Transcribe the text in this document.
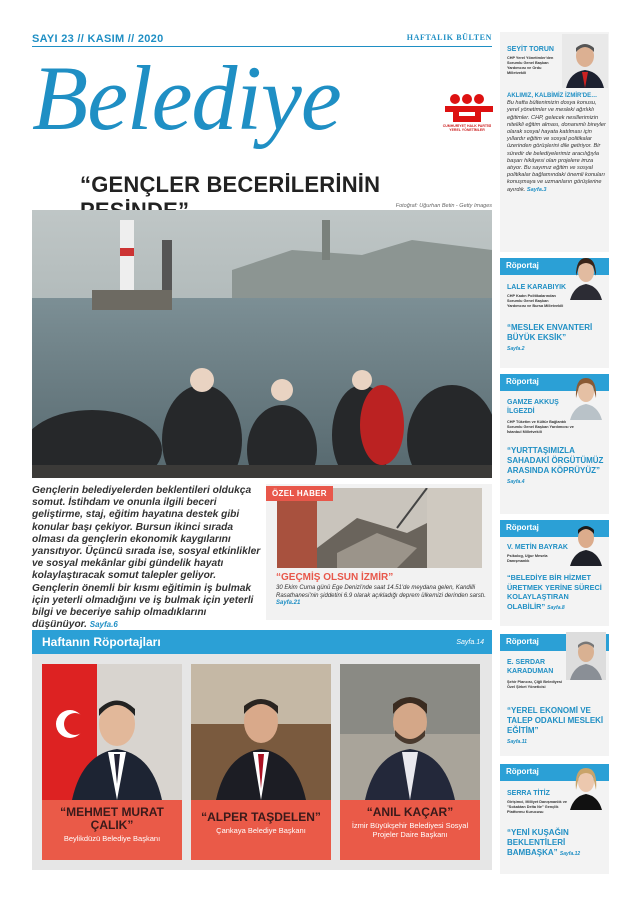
SAYI 23 // KASIM // 2020	HAFTALIK BÜLTEN
Belediye	CUMHURİYET HALK PARTİSİ YEREL YÖNETİMLER
“GENÇLER BECERİLERİNİN
Fotoğraf: Uğurhan Betin - Getty Images
Gençlerin belediyelerden beklentileri oldukça somut. İstihdam ve onunla ilgili beceri geliştirme, staj, eğitim hayatına destek gibi konular başı çekiyor. Bursun ikinci sırada olması da gençlerin ekonomik kaygılarını yansıtıyor. Üçüncü sırada ise, sosyal etkinlikler ve sosyal mekânlar gibi gündelik hayatı kolaylaştıracak somut talepler geliyor. Gençlerin önemli bir kısmı eğitimin iş bulmak için yeterli olmadığını ve iş bulmak için yeterli bilgi ve beceriye sahip olmadıklarını düşünüyor. Sayfa.6
ÖZEL HABER
“GEÇMİŞ OLSUN İZMİR”
30 Ekim Cuma günü Ege Denizi'nde saat 14.51'de meydana gelen, Kandilli Rasathanesi'nin şiddetini 6.9 olarak açıkladığı deprem ülkemizi derinden sarstı. Sayfa.21
Haftanın Röportajları	Sayfa.14
“MEHMET MURAT ÇALIK”
Beylikdüzü Belediye Başkanı
“ALPER TAŞDELEN”
Çankaya Belediye Başkanı
“ANIL KAÇAR”
İzmir Büyükşehir Belediyesi Sosyal Projeler Daire Başkanı
SEYİT TORUN
CHP Yerel Yönetimler'den Sorumlu Genel Başkan Yardımcısı ve Ordu Milletvekili
AKLIMIZ, KALBİMİZ İZMİR'DE…
Bu hafta bültenimizin dosya konusu, yerel yönetimler ve mesleki ağırlıklı eğitimler. CHP, gelecek nesillerimizin nitelikli eğitim alması, donanımlı bireyler olarak sosyal hayata katılması için yıllardır eğitim ve sosyal politikalar üzerinden görüşlerini dile getiriyor. Bir süredir de belediyelerimiz aracılığıyla başarı hikâyesi olan projelere imza atıyor. Bu sayımız eğitim ve sosyal politikalar bağlamındaki önemli konuları konuşmaya ve uzmanların görüşlerine ayırdık. Sayfa.3
Röportaj
LALE KARABIYIK
CHP Kadın Politikalarından Sorumlu Genel Başkan Yardımcısı ve Bursa Milletvekili
“MESLEK ENVANTERİ BÜYÜK EKSİK”
Sayfa.2
Röportaj
GAMZE AKKUŞ İLGEZDİ
CHP Tüketim ve Kültür Bağlantılı Sorumlu Genel Başkan Yardımcısı ve İstanbul Milletvekili
“YURTTAŞIMIZLA SAHADAKİ ÖRGÜTÜMÜZ ARASINDA KÖPRÜYÜZ” Sayfa.4
Röportaj
V. METİN BAYRAK
Psikolog, Uğur Mesela Danışmanlık
“BELEDİYE BİR HİZMET ÜRETMEK YERİNE SÜRECİ KOLAYLAŞTIRAN OLABİLİR” Sayfa.8
Röportaj
E. SERDAR KARADUMAN
Şehir Plancısı, Çiğli Belediyesi Özel Şirket Yöneticisi
“YEREL EKONOMİ VE TALEP ODAKLI MESLEKİ EĞİTİM”
Sayfa.11
Röportaj
SERRA TİTİZ
Girişimci, Milliyet Danışmanlık ve "Sokaktan Delta Ne" Gençlik Platformu Kurucusu
“YENİ KUŞAĞIN BEKLENTİLERİ BAMBAŞKA” Sayfa.12
